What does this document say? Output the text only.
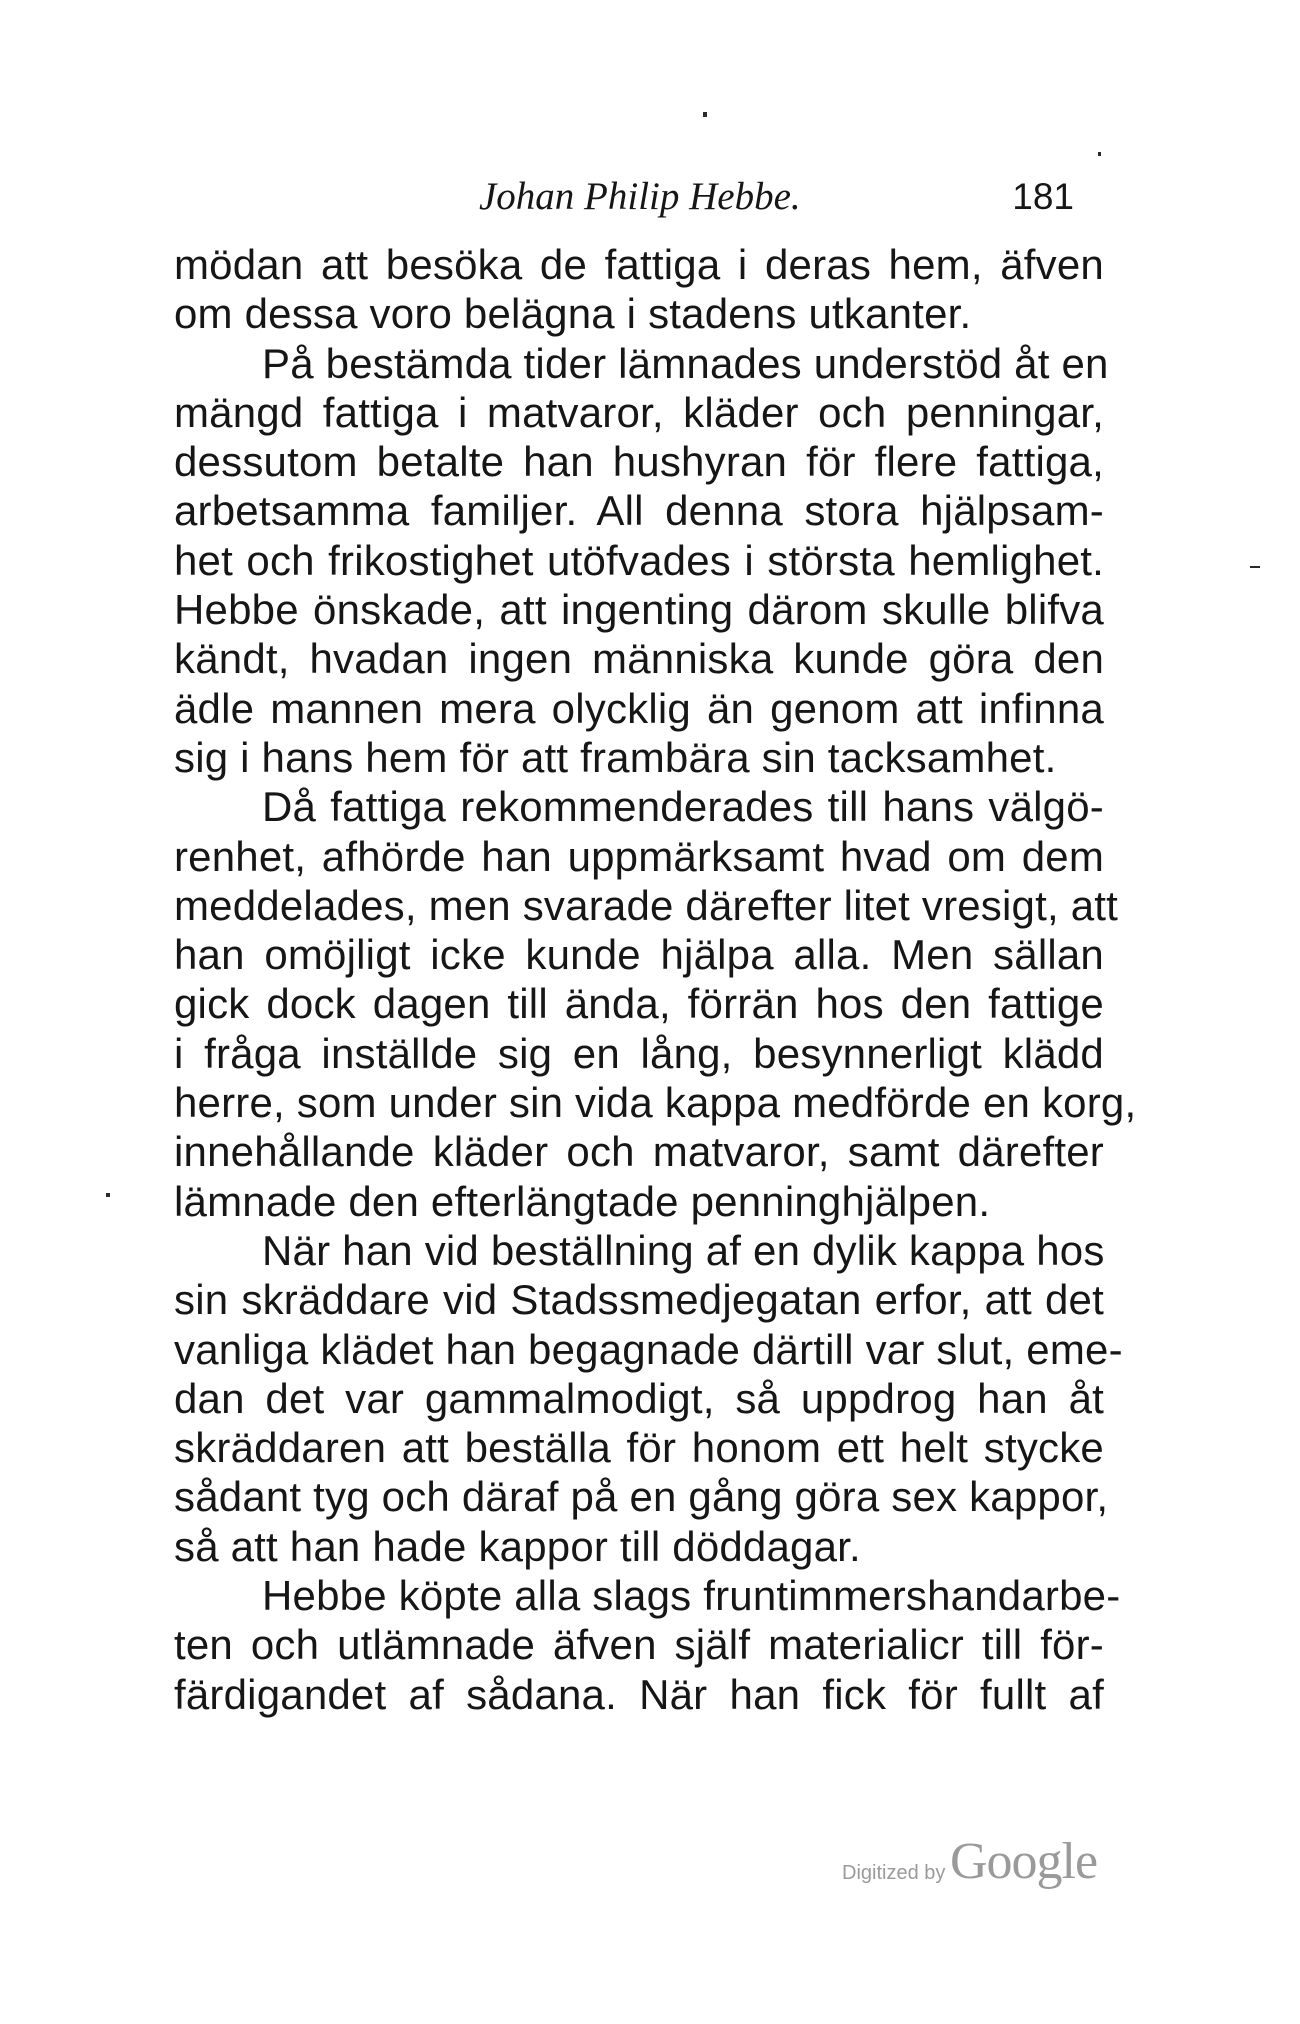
Johan Philip Hebbe.	181
mödan att besöka de fattiga i deras hem, äfven
om dessa voro belägna i stadens utkanter.
På bestämda tider lämnades understöd åt en
mängd fattiga i matvaror, kläder och penningar,
dessutom betalte han hushyran för flere fattiga,
arbetsamma familjer. All denna stora hjälpsam-
het och frikostighet utöfvades i största hemlighet.
Hebbe önskade, att ingenting därom skulle blifva
kändt, hvadan ingen människa kunde göra den
ädle mannen mera olycklig än genom att infinna
sig i hans hem för att frambära sin tacksamhet.
Då fattiga rekommenderades till hans välgö-
renhet, afhörde han uppmärksamt hvad om dem
meddelades, men svarade därefter litet vresigt, att
han omöjligt icke kunde hjälpa alla. Men sällan
gick dock dagen till ända, förrän hos den fattige
i fråga inställde sig en lång, besynnerligt klädd
herre, som under sin vida kappa medförde en korg,
innehållande kläder och matvaror, samt därefter
lämnade den efterlängtade penninghjälpen.
När han vid beställning af en dylik kappa hos
sin skräddare vid Stadssmedjegatan erfor, att det
vanliga klädet han begagnade därtill var slut, eme-
dan det var gammalmodigt, så uppdrog han åt
skräddaren att beställa för honom ett helt stycke
sådant tyg och däraf på en gång göra sex kappor,
så att han hade kappor till döddagar.
Hebbe köpte alla slags fruntimmershandarbe-
ten och utlämnade äfven själf materialicr till för-
färdigandet af sådana. När han fick för fullt af
Digitized by Google
